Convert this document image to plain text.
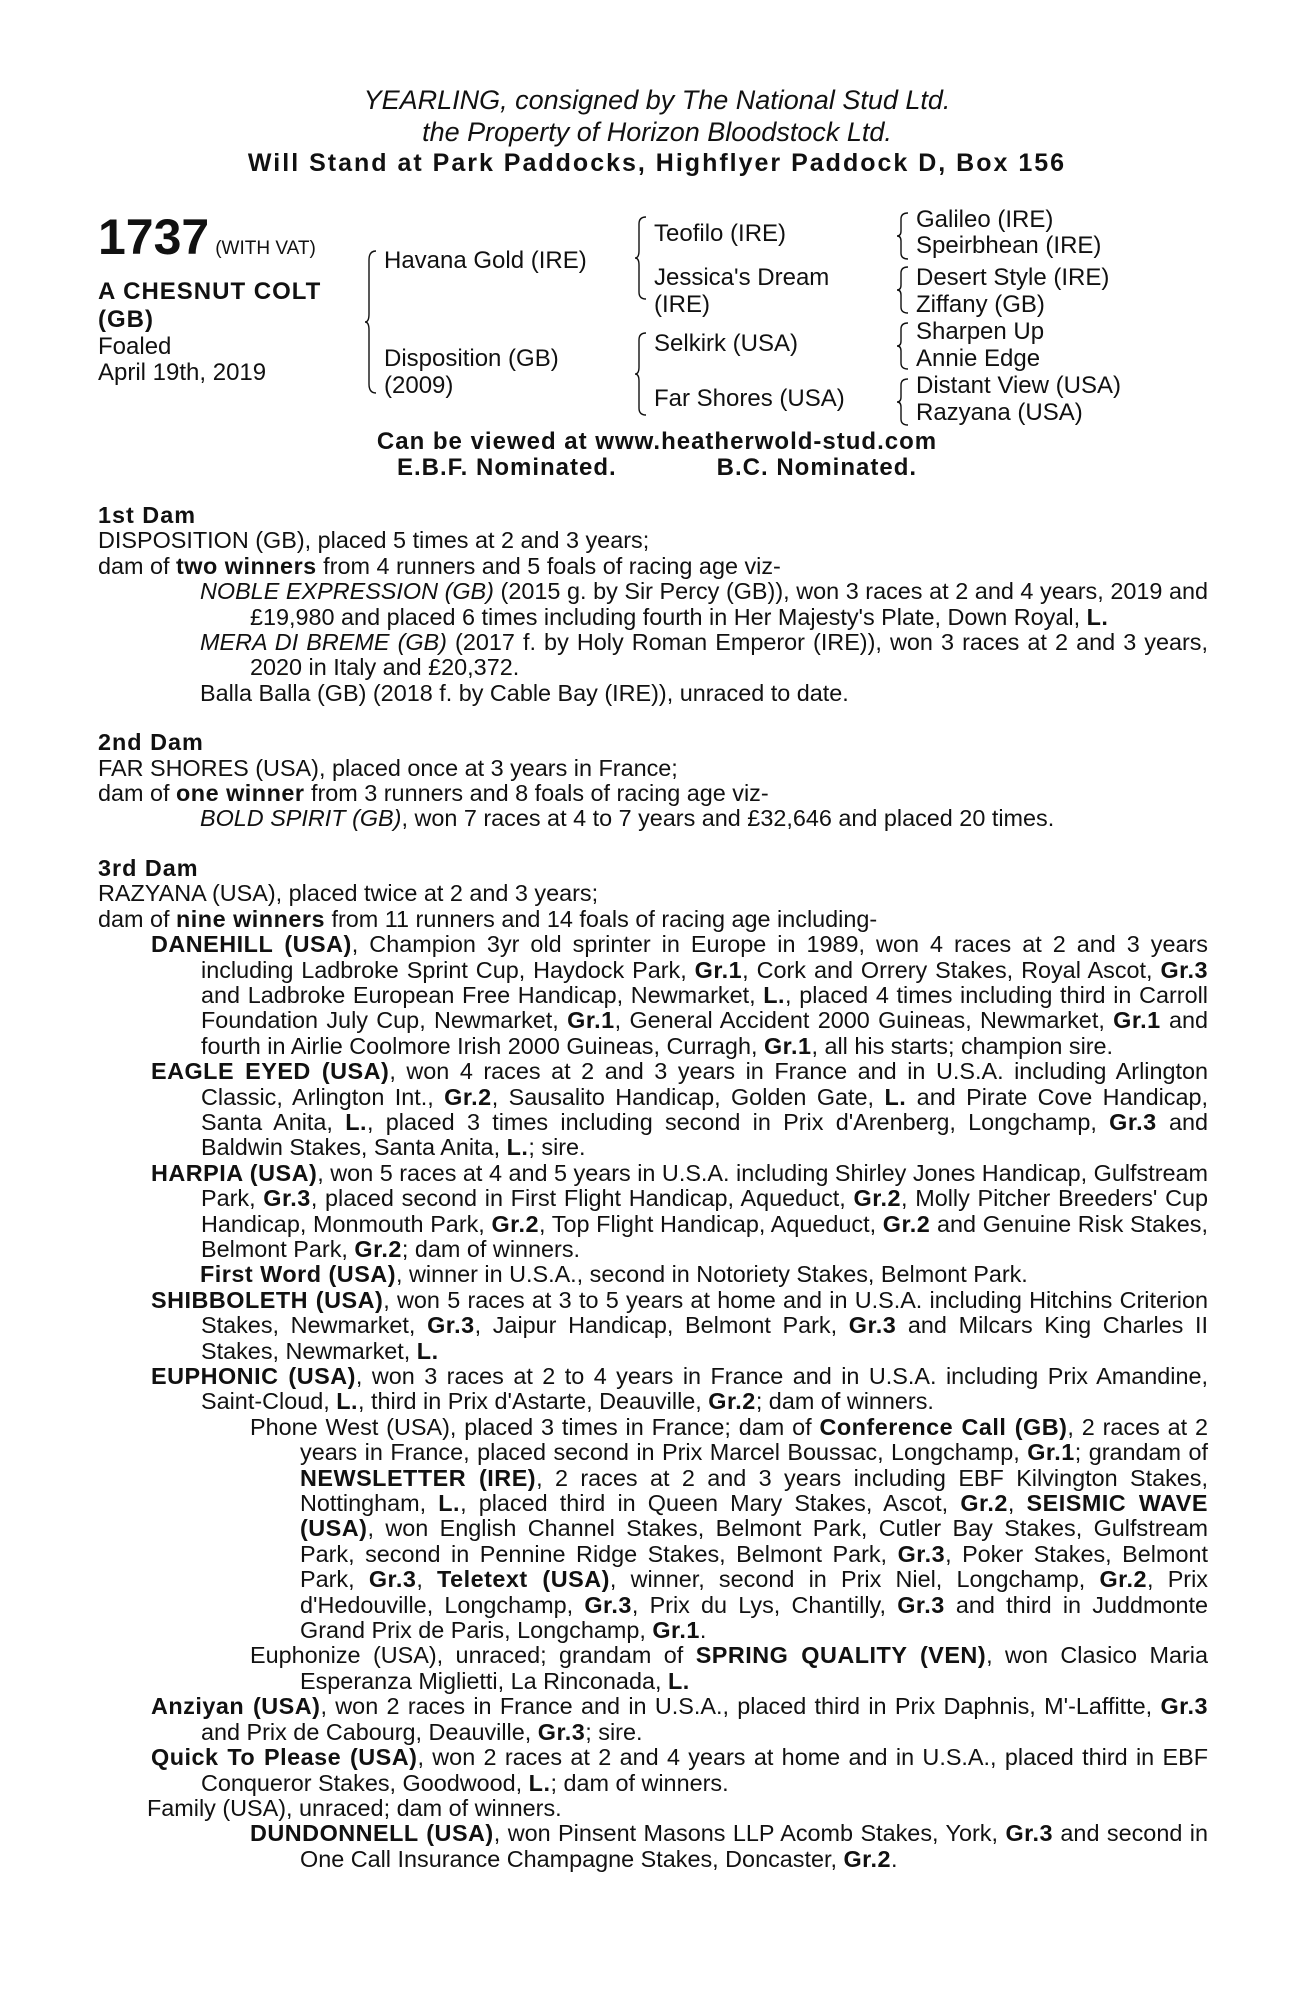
YEARLING, consigned by The National Stud Ltd.
the Property of Horizon Bloodstock Ltd.
Will Stand at Park Paddocks, Highflyer Paddock D, Box 156
1737 (WITH VAT)
A CHESNUT COLT
(GB)
Foaled
April 19th, 2019
Havana Gold (IRE)
Disposition (GB)
(2009)
Teofilo (IRE)
Jessica's Dream
(IRE)
Selkirk (USA)
Far Shores (USA)
Galileo (IRE)
Speirbhean (IRE)
Desert Style (IRE)
Ziffany (GB)
Sharpen Up
Annie Edge
Distant View (USA)
Razyana (USA)
Can be viewed at www.heatherwold-stud.com
E.B.F. Nominated.	B.C. Nominated.
1st Dam
DISPOSITION (GB), placed 5 times at 2 and 3 years;
dam of two winners from 4 runners and 5 foals of racing age viz-
NOBLE EXPRESSION (GB) (2015 g. by Sir Percy (GB)), won 3 races at 2 and 4 years, 2019 and £19,980 and placed 6 times including fourth in Her Majesty's Plate, Down Royal, L.
MERA DI BREME (GB) (2017 f. by Holy Roman Emperor (IRE)), won 3 races at 2 and 3 years, 2020 in Italy and £20,372.
Balla Balla (GB) (2018 f. by Cable Bay (IRE)), unraced to date.
2nd Dam
FAR SHORES (USA), placed once at 3 years in France;
dam of one winner from 3 runners and 8 foals of racing age viz-
BOLD SPIRIT (GB), won 7 races at 4 to 7 years and £32,646 and placed 20 times.
3rd Dam
RAZYANA (USA), placed twice at 2 and 3 years;
dam of nine winners from 11 runners and 14 foals of racing age including-
DANEHILL (USA), Champion 3yr old sprinter in Europe in 1989, won 4 races at 2 and 3 years including Ladbroke Sprint Cup, Haydock Park, Gr.1, Cork and Orrery Stakes, Royal Ascot, Gr.3 and Ladbroke European Free Handicap, Newmarket, L., placed 4 times including third in Carroll Foundation July Cup, Newmarket, Gr.1, General Accident 2000 Guineas, Newmarket, Gr.1 and fourth in Airlie Coolmore Irish 2000 Guineas, Curragh, Gr.1, all his starts; champion sire.
EAGLE EYED (USA), won 4 races at 2 and 3 years in France and in U.S.A. including Arlington Classic, Arlington Int., Gr.2, Sausalito Handicap, Golden Gate, L. and Pirate Cove Handicap, Santa Anita, L., placed 3 times including second in Prix d'Arenberg, Longchamp, Gr.3 and Baldwin Stakes, Santa Anita, L.; sire.
HARPIA (USA), won 5 races at 4 and 5 years in U.S.A. including Shirley Jones Handicap, Gulfstream Park, Gr.3, placed second in First Flight Handicap, Aqueduct, Gr.2, Molly Pitcher Breeders' Cup Handicap, Monmouth Park, Gr.2, Top Flight Handicap, Aqueduct, Gr.2 and Genuine Risk Stakes, Belmont Park, Gr.2; dam of winners.
First Word (USA), winner in U.S.A., second in Notoriety Stakes, Belmont Park.
SHIBBOLETH (USA), won 5 races at 3 to 5 years at home and in U.S.A. including Hitchins Criterion Stakes, Newmarket, Gr.3, Jaipur Handicap, Belmont Park, Gr.3 and Milcars King Charles II Stakes, Newmarket, L.
EUPHONIC (USA), won 3 races at 2 to 4 years in France and in U.S.A. including Prix Amandine, Saint-Cloud, L., third in Prix d'Astarte, Deauville, Gr.2; dam of winners.
Phone West (USA), placed 3 times in France; dam of Conference Call (GB), 2 races at 2 years in France, placed second in Prix Marcel Boussac, Longchamp, Gr.1; grandam of NEWSLETTER (IRE), 2 races at 2 and 3 years including EBF Kilvington Stakes, Nottingham, L., placed third in Queen Mary Stakes, Ascot, Gr.2, SEISMIC WAVE (USA), won English Channel Stakes, Belmont Park, Cutler Bay Stakes, Gulfstream Park, second in Pennine Ridge Stakes, Belmont Park, Gr.3, Poker Stakes, Belmont Park, Gr.3, Teletext (USA), winner, second in Prix Niel, Longchamp, Gr.2, Prix d'Hedouville, Longchamp, Gr.3, Prix du Lys, Chantilly, Gr.3 and third in Juddmonte Grand Prix de Paris, Longchamp, Gr.1.
Euphonize (USA), unraced; grandam of SPRING QUALITY (VEN), won Clasico Maria Esperanza Miglietti, La Rinconada, L.
Anziyan (USA), won 2 races in France and in U.S.A., placed third in Prix Daphnis, M'-Laffitte, Gr.3 and Prix de Cabourg, Deauville, Gr.3; sire.
Quick To Please (USA), won 2 races at 2 and 4 years at home and in U.S.A., placed third in EBF Conqueror Stakes, Goodwood, L.; dam of winners.
Family (USA), unraced; dam of winners.
DUNDONNELL (USA), won Pinsent Masons LLP Acomb Stakes, York, Gr.3 and second in One Call Insurance Champagne Stakes, Doncaster, Gr.2.
